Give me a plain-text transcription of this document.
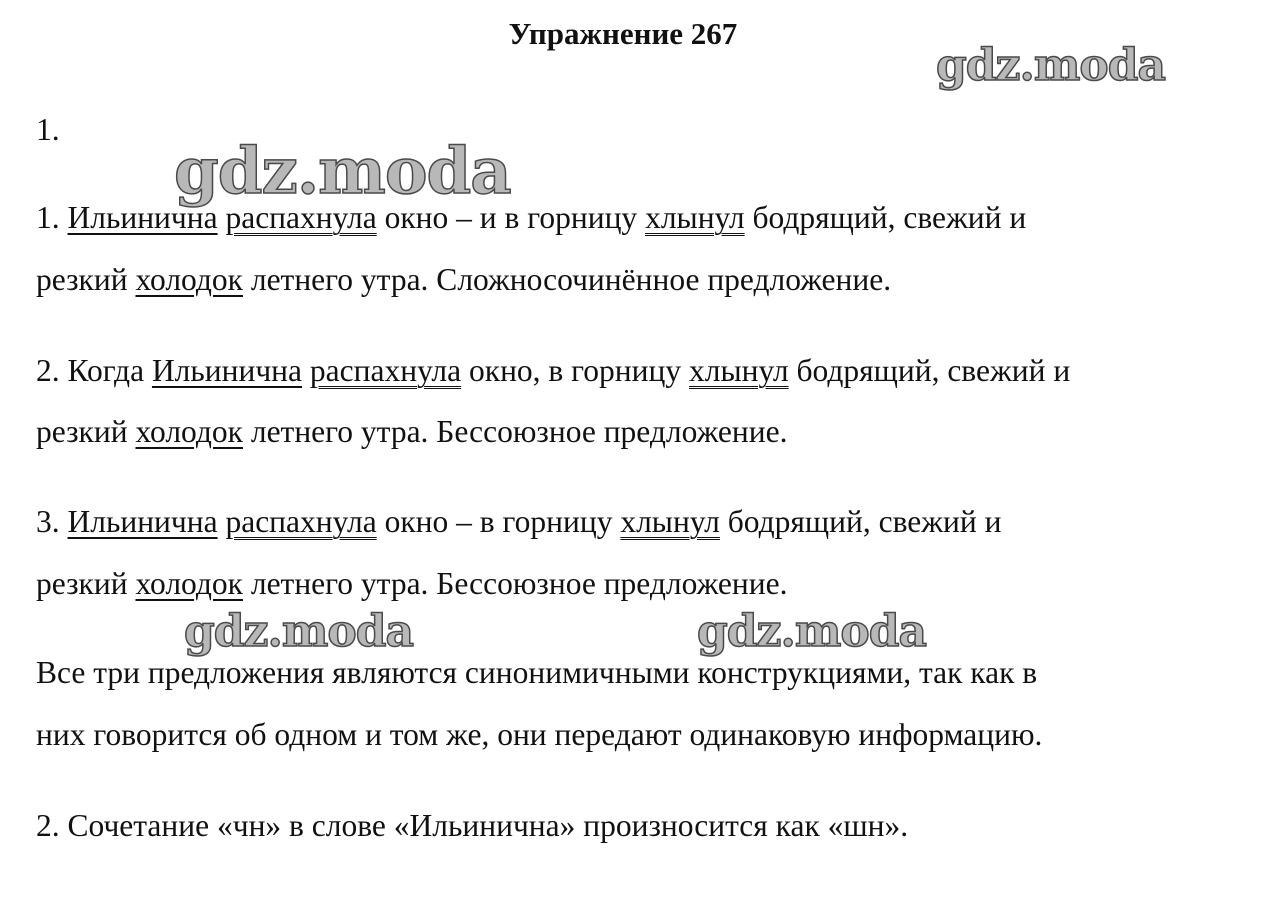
Упражнение 267
gdz.moda
1.
gdz.moda
1. Ильинична распахнула окно – и в горницу хлынул бодрящий, свежий и
резкий холодок летнего утра. Сложносочинённое предложение.
2. Когда Ильинична распахнула окно, в горницу хлынул бодрящий, свежий и
резкий холодок летнего утра. Бессоюзное предложение.
3. Ильинична распахнула окно – в горницу хлынул бодрящий, свежий и
резкий холодок летнего утра. Бессоюзное предложение.
gdz.moda	gdz.moda
Все три предложения являются синонимичными конструкциями, так как в
них говорится об одном и том же, они передают одинаковую информацию.
2. Сочетание «чн» в слове «Ильинична» произносится как «шн».
